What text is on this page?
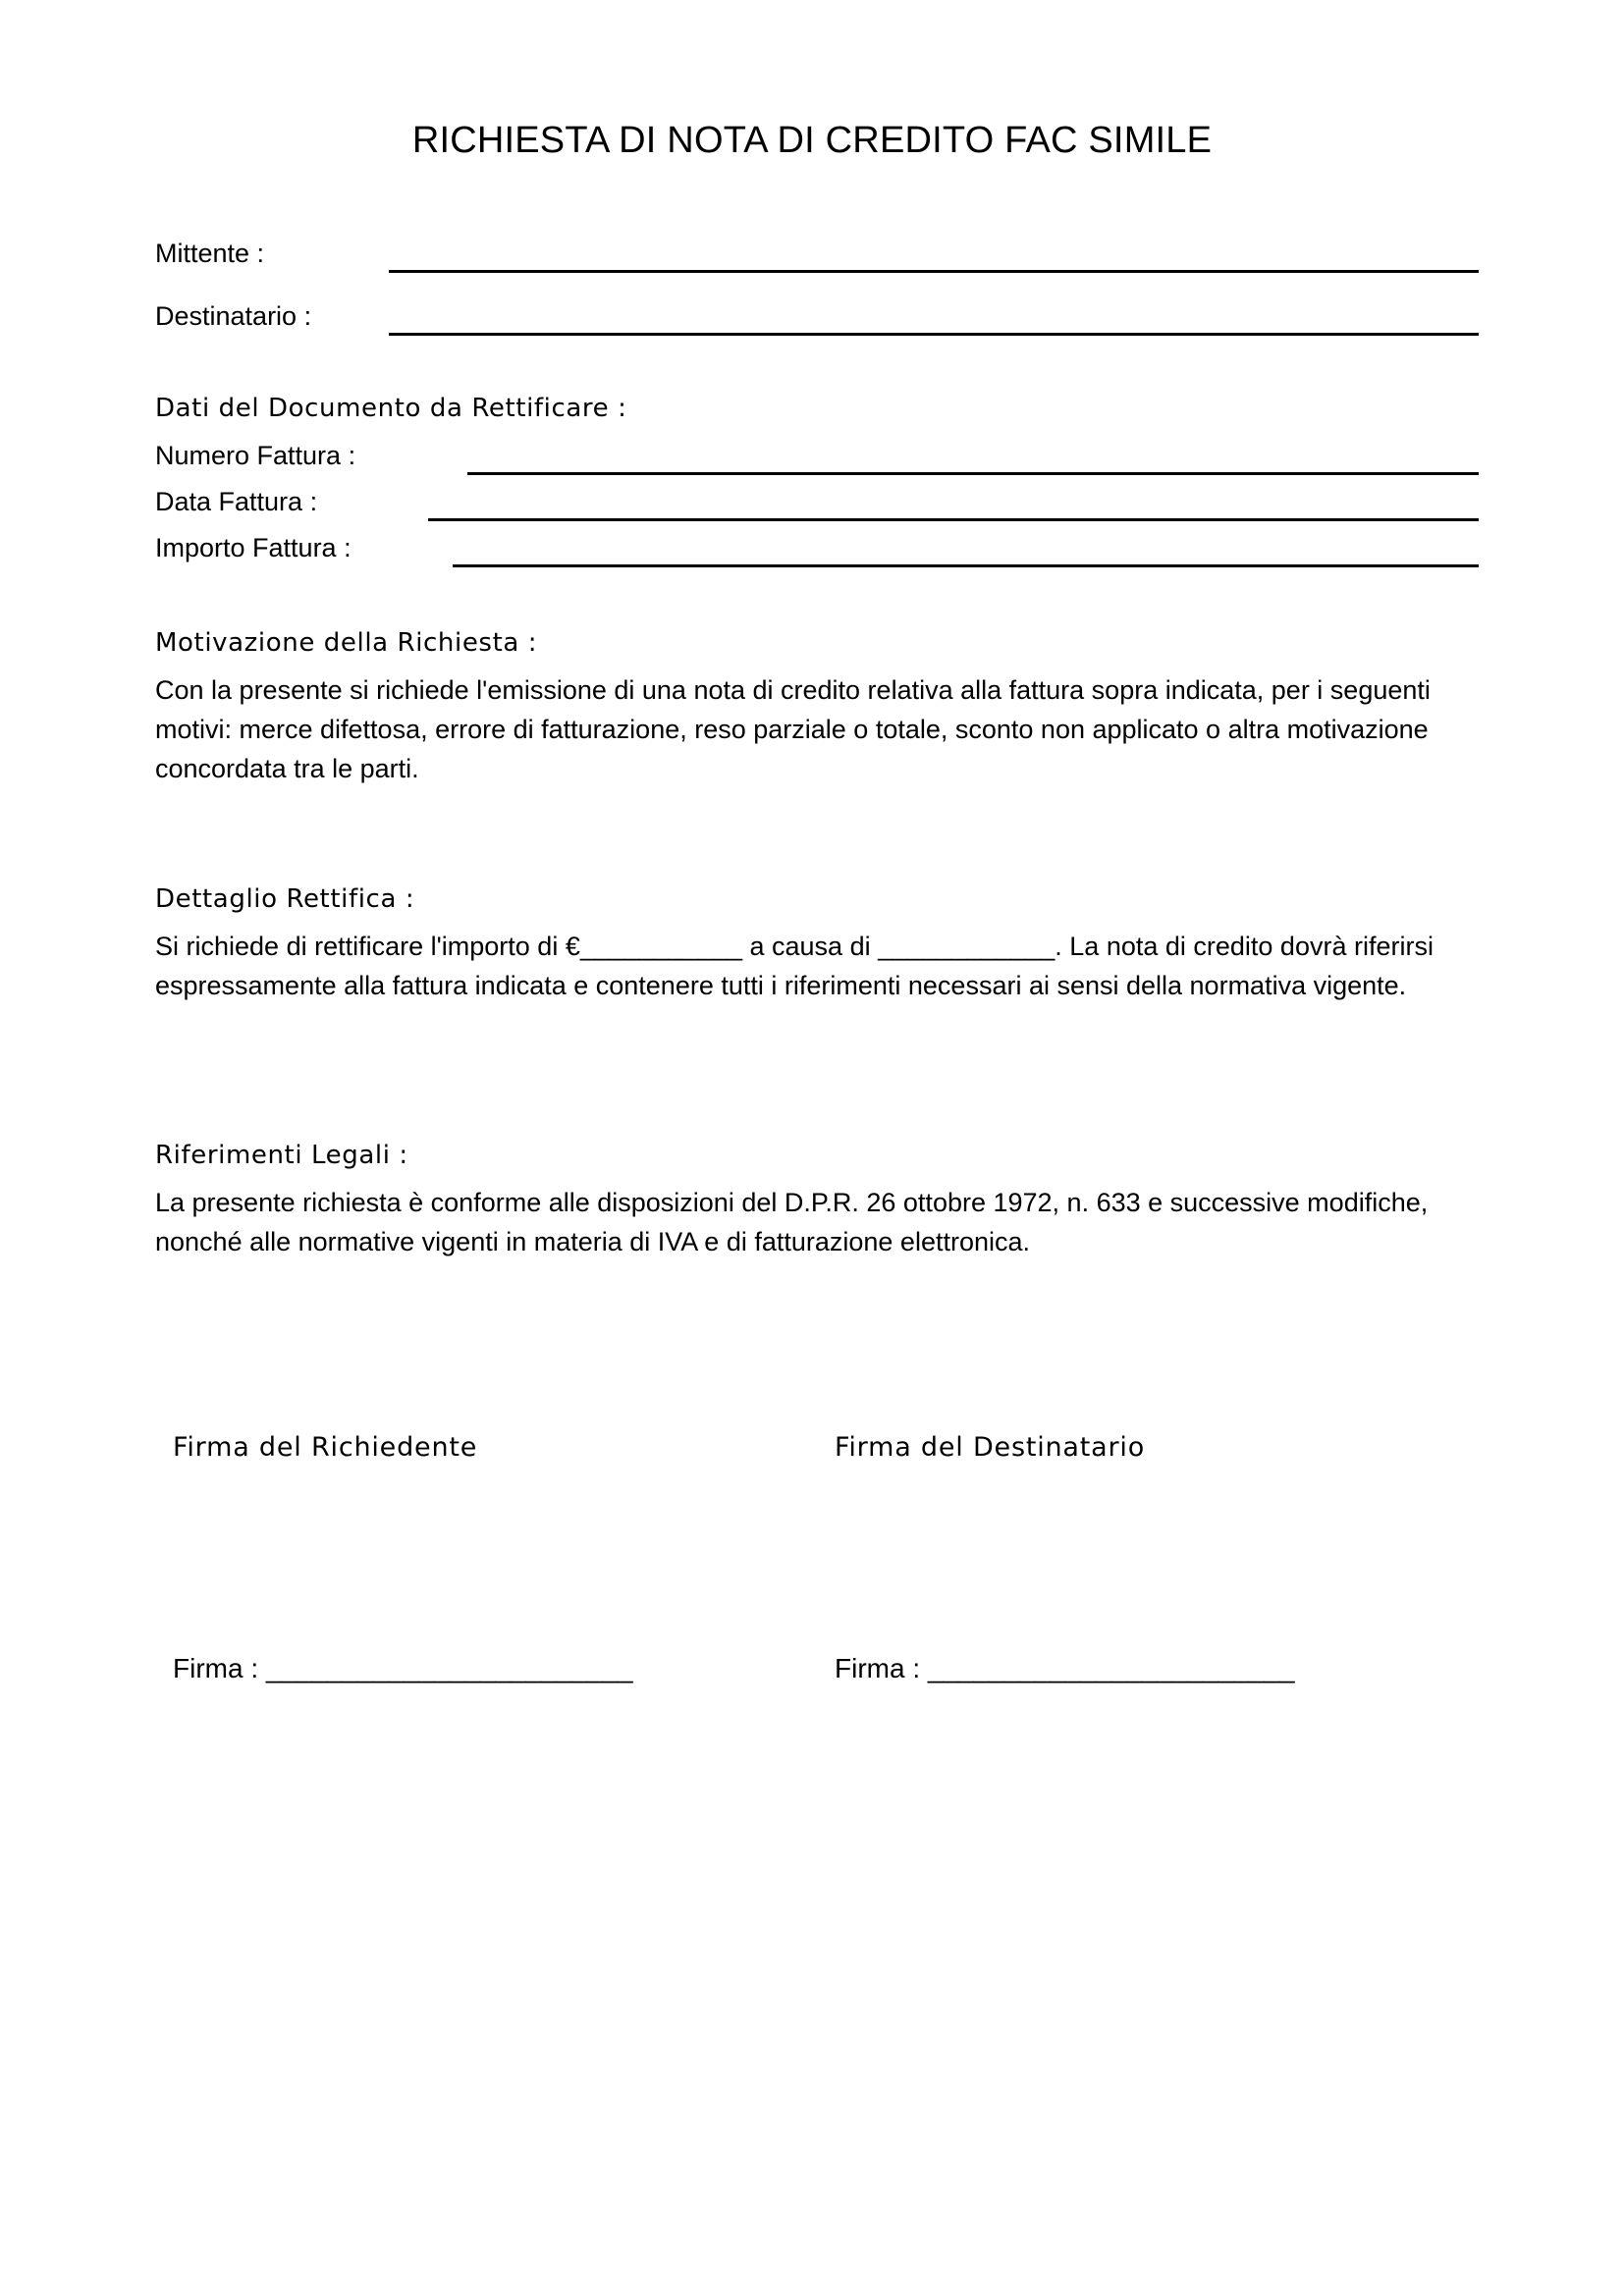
RICHIESTA DI NOTA DI CREDITO FAC SIMILE
Mittente :
Destinatario :
Dati del Documento da Rettificare :
Numero Fattura :
Data Fattura :
Importo Fattura :
Motivazione della Richiesta :
Con la presente si richiede l'emissione di una nota di credito relativa alla fattura sopra indicata, per i seguenti motivi: merce difettosa, errore di fatturazione, reso parziale o totale, sconto non applicato o altra motivazione concordata tra le parti.
Dettaglio Rettifica :
Si richiede di rettificare l'importo di €___________ a causa di ____________. La nota di credito dovrà riferirsi espressamente alla fattura indicata e contenere tutti i riferimenti necessari ai sensi della normativa vigente.
Riferimenti Legali :
La presente richiesta è conforme alle disposizioni del D.P.R. 26 ottobre 1972, n. 633 e successive modifiche, nonché alle normative vigenti in materia di IVA e di fatturazione elettronica.
Firma del Richiedente	Firma del Destinatario
Firma : ________________________	Firma : ________________________
